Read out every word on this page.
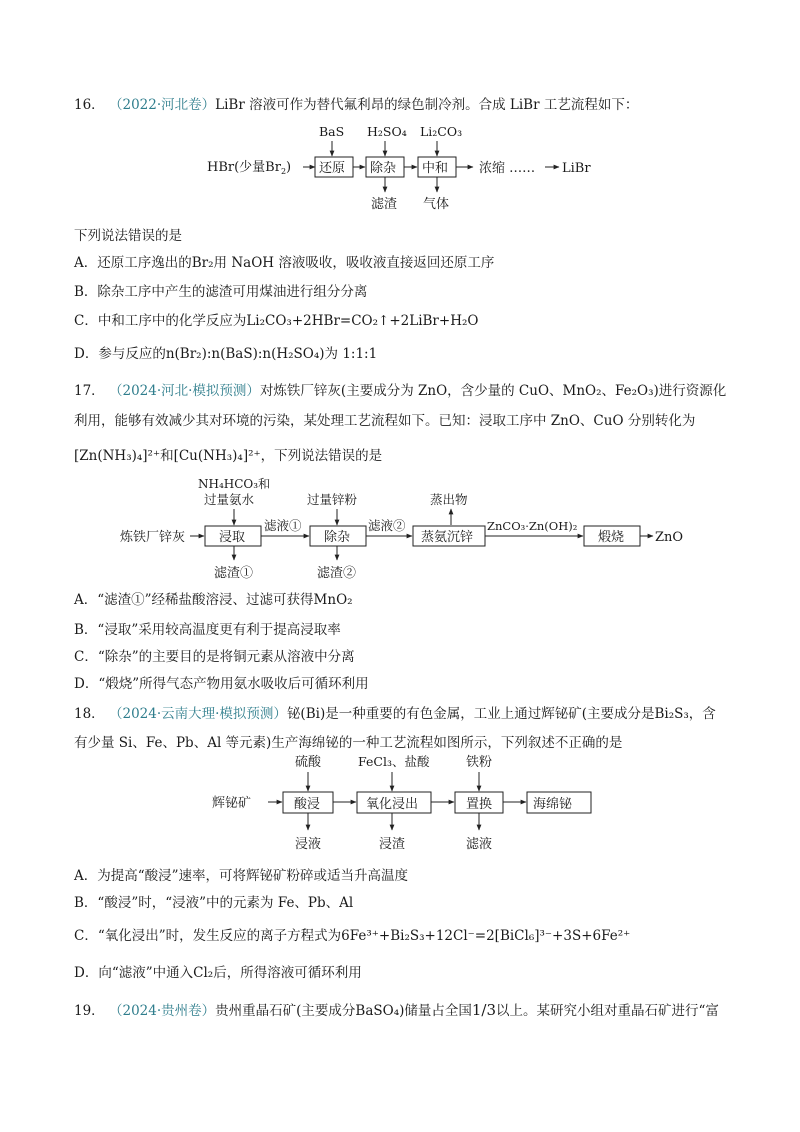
16． （2022·河北卷）LiBr 溶液可作为替代氟利昂的绿色制冷剂。合成 LiBr 工艺流程如下：
HBr(少量$Br_2$)
BaS
还原
H₂SO₄
除杂
滤渣
Li₂CO₃
中和
气体
浓缩 …… LiBr
下列说法错误的是
A．还原工序逸出的Br₂用 NaOH 溶液吸收，吸收液直接返回还原工序
B．除杂工序中产生的滤渣可用煤油进行组分分离
C．中和工序中的化学反应为Li₂CO₃+2HBr=CO₂↑+2LiBr+H₂O
D．参与反应的n(Br₂):n(BaS):n(H₂SO₄)为 1:1:1
17． （2024·河北·模拟预测）对炼铁厂锌灰(主要成分为 ZnO，含少量的 CuO、MnO₂、Fe₂O₃)进行资源化
利用，能够有效减少其对环境的污染，某处理工艺流程如下。已知：浸取工序中 ZnO、CuO 分别转化为
[Zn(NH₃)₄]²⁺和[Cu(NH₃)₄]²⁺，下列说法错误的是
炼铁厂锌灰
NH₄HCO₃和
过量氨水
浸取
滤渣①
滤液①
过量锌粉
除杂
滤渣②
滤液②
蒸出物
蒸氨沉锌
ZnCO₃·Zn(OH)₂
煅烧 ZnO
A．“滤渣①”经稀盐酸溶浸、过滤可获得MnO₂
B．“浸取”采用较高温度更有利于提高浸取率
C．“除杂”的主要目的是将铜元素从溶液中分离
D．“煅烧”所得气态产物用氨水吸收后可循环利用
18． （2024·云南大理·模拟预测）铋(Bi)是一种重要的有色金属，工业上通过辉铋矿(主要成分是Bi₂S₃，含
有少量 Si、Fe、Pb、Al 等元素)生产海绵铋的一种工艺流程如图所示，下列叙述不正确的是
辉铋矿
硫酸
酸浸
浸液
FeCl₃、盐酸
氧化浸出
浸渣
铁粉
置换
滤液
海绵铋
A．为提高“酸浸”速率，可将辉铋矿粉碎或适当升高温度
B．“酸浸”时，“浸液”中的元素为 Fe、Pb、Al
C．“氧化浸出”时，发生反应的离子方程式为6Fe³⁺+Bi₂S₃+12Cl⁻=2[BiCl₆]³⁻+3S+6Fe²⁺
D．向“滤液”中通入Cl₂后，所得溶液可循环利用
19． （2024·贵州卷）贵州重晶石矿(主要成分BaSO₄)储量占全国1/3以上。某研究小组对重晶石矿进行“富
